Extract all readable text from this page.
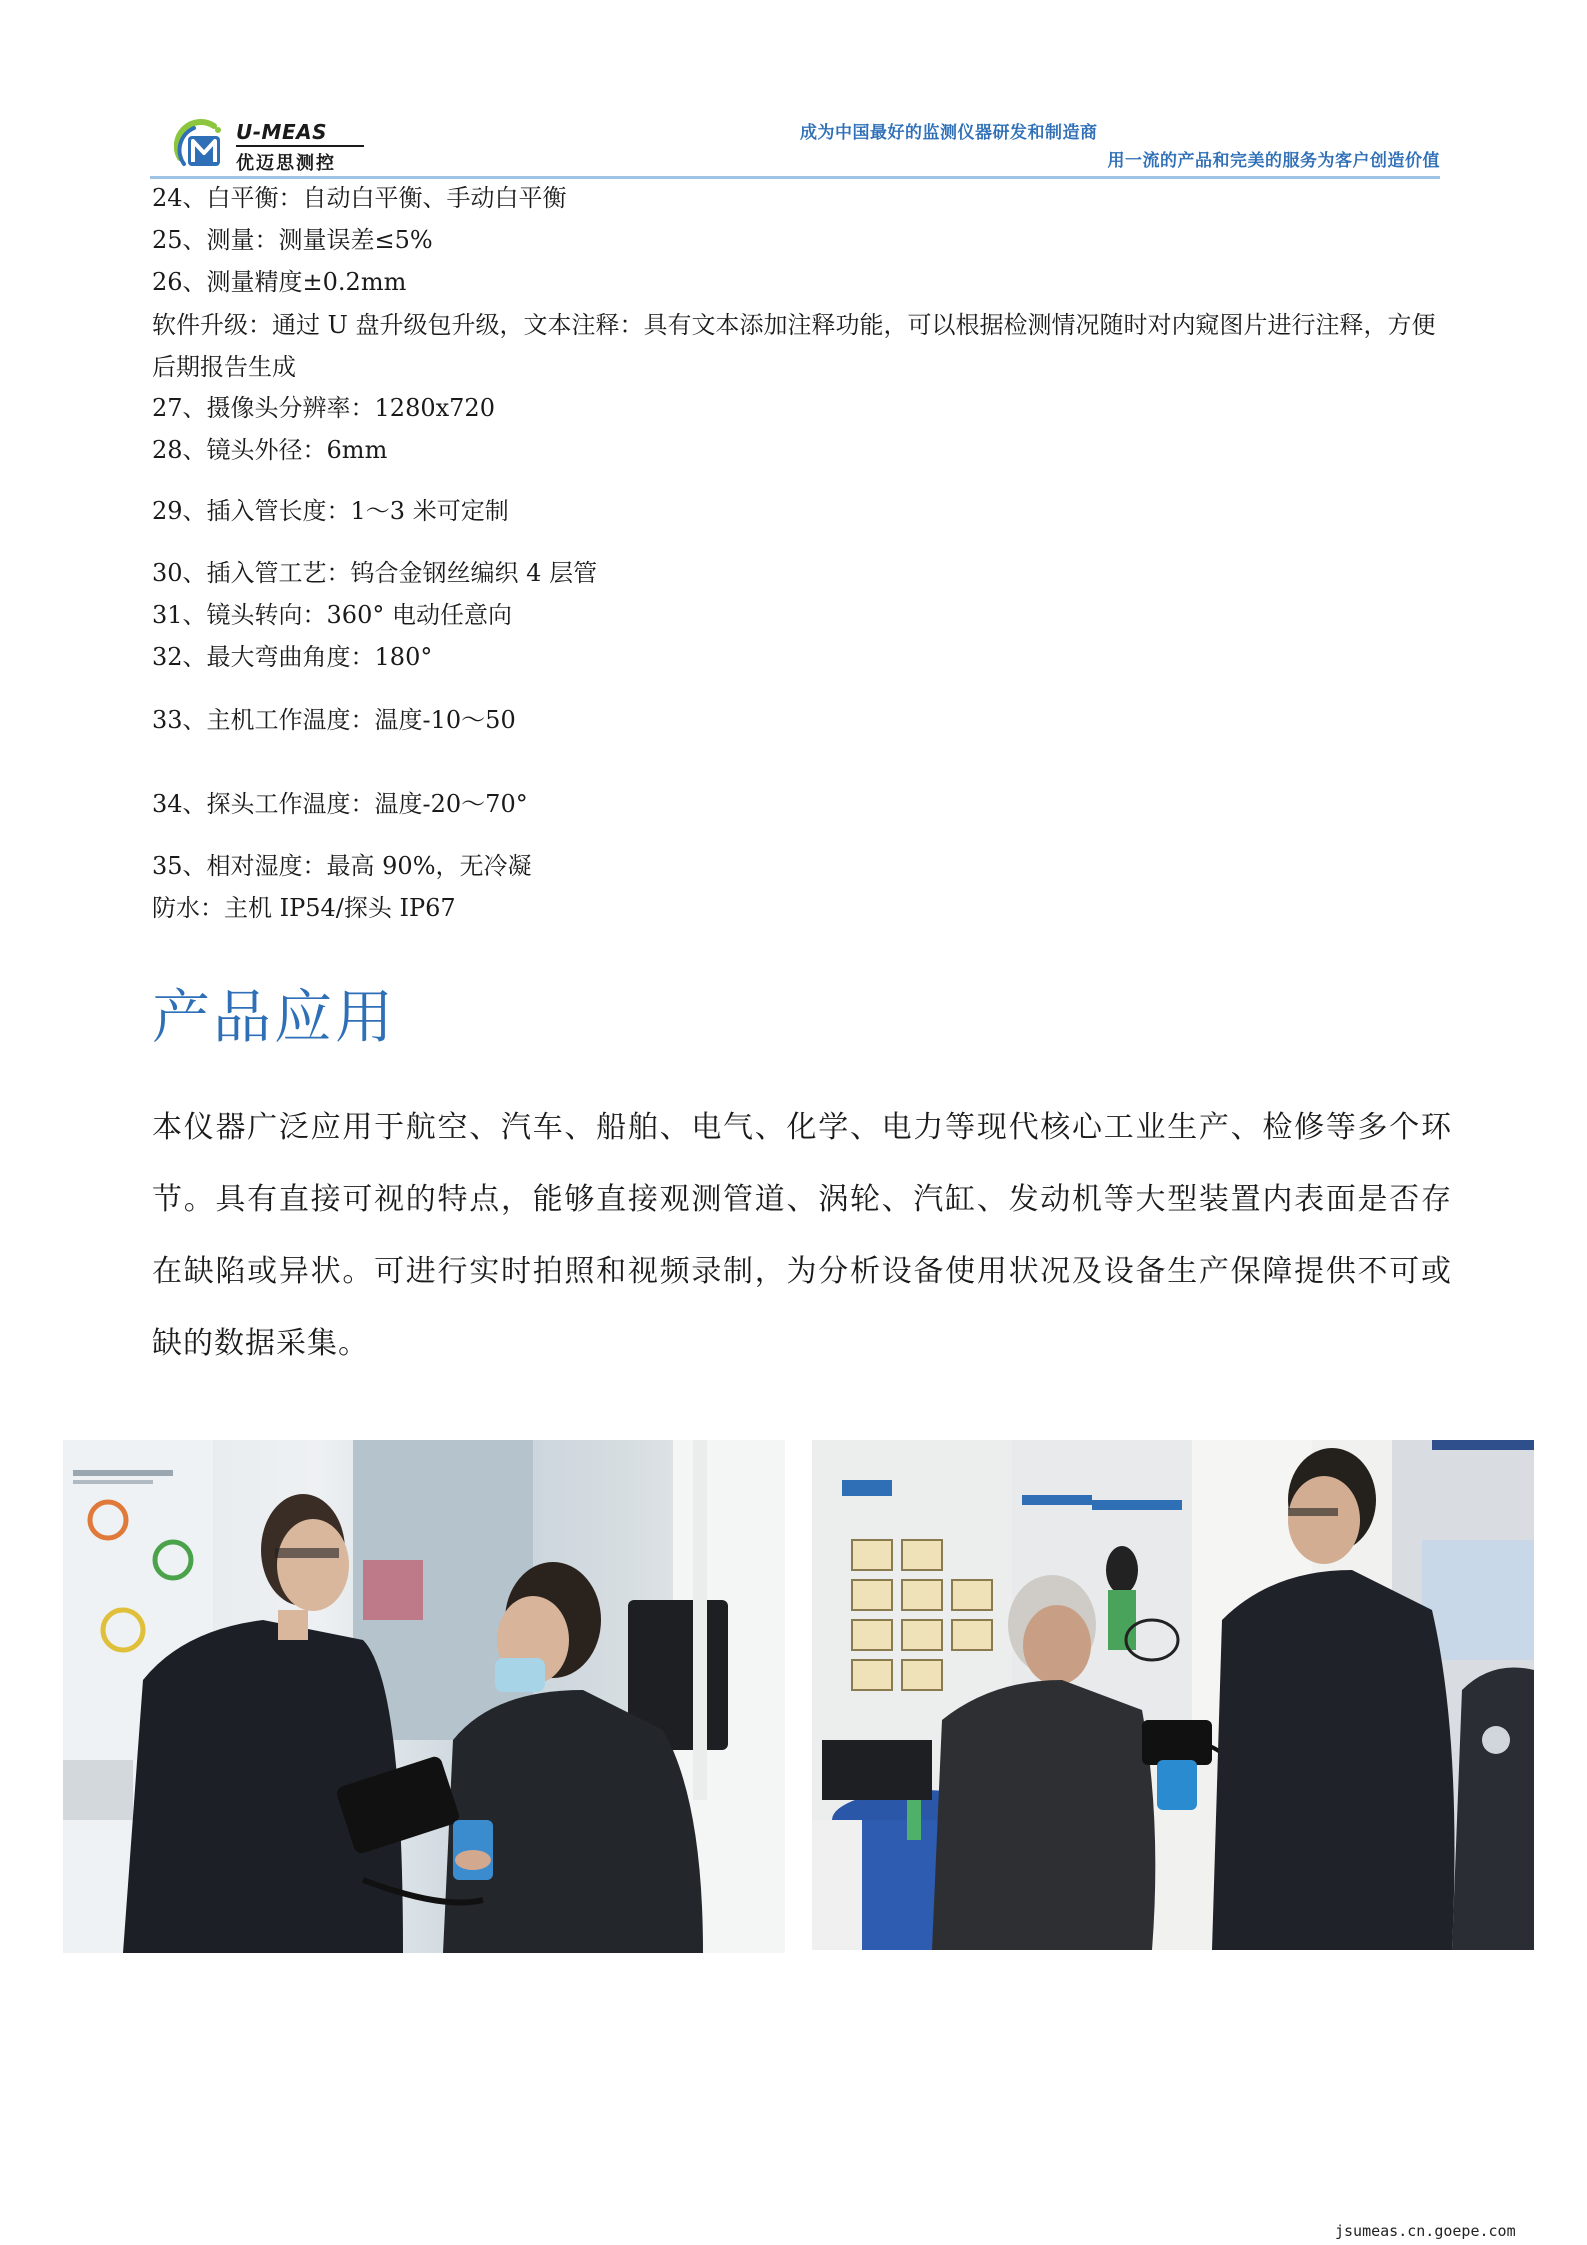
U-MEAS
优迈思测控
成为中国最好的监测仪器研发和制造商
用一流的产品和完美的服务为客户创造价值
24、白平衡：自动白平衡、手动白平衡
25、测量：测量误差≤5%
26、测量精度±0.2mm
软件升级：通过 U 盘升级包升级，文本注释：具有文本添加注释功能，可以根据检测情况随时对内窥图片进行注释，方便后期报告生成
27、摄像头分辨率：1280x720
28、镜头外径：6mm
29、插入管长度：1～3 米可定制
30、插入管工艺：钨合金钢丝编织 4 层管
31、镜头转向：360° 电动任意向
32、最大弯曲角度：180°
33、主机工作温度：温度-10～50
34、探头工作温度：温度-20～70°
35、相对湿度：最高 90%，无冷凝
防水：主机 IP54/探头 IP67
产品应用
本仪器广泛应用于航空、汽车、船舶、电气、化学、电力等现代核心工业生产、检修等多个环节。具有直接可视的特点，能够直接观测管道、涡轮、汽缸、发动机等大型装置内表面是否存在缺陷或异状。可进行实时拍照和视频录制，为分析设备使用状况及设备生产保障提供不可或缺的数据采集。
jsumeas.cn.goepe.com
